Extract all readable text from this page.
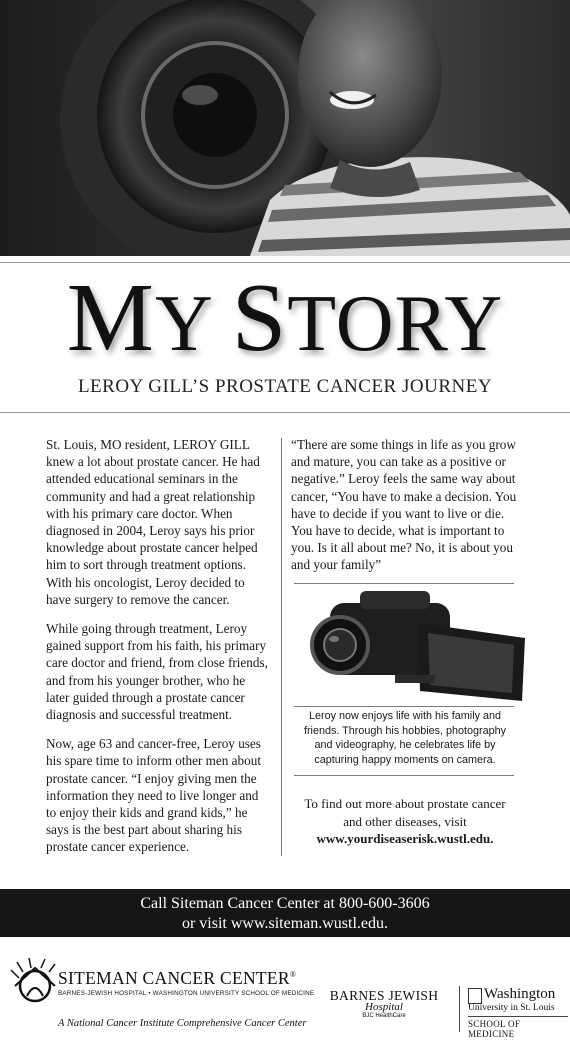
MY STORY
LEROY GILL’S PROSTATE CANCER JOURNEY

St. Louis, MO resident, LEROY GILL knew a lot about prostate cancer. He had attended educational seminars in the community and had a great relationship with his primary care doctor. When diagnosed in 2004, Leroy says his prior knowledge about prostate cancer helped him to sort through treatment options. With his oncologist, Leroy decided to have surgery to remove the cancer.

While going through treatment, Leroy gained support from his faith, his primary care doctor and friend, from close friends, and from his younger brother, who he later guided through a prostate cancer diagnosis and successful treatment.

Now, age 63 and cancer-free, Leroy uses his spare time to inform other men about prostate cancer. “I enjoy giving men the information they need to live longer and to enjoy their kids and grand kids,” he says is the best part about sharing his prostate cancer experience.

“There are some things in life as you grow and mature, you can take as a positive or negative.” Leroy feels the same way about cancer, “You have to make a decision. You have to decide if you want to live or die. You have to decide, what is important to you. Is it all about me? No, it is about you and your family”

Leroy now enjoys life with his family and friends. Through his hobbies, photography and videography, he celebrates life by capturing happy moments on camera.
To find out more about prostate cancer and other diseases, visit
www.yourdiseaserisk.wustl.edu.
Call Siteman Cancer Center at 800-600-3606
or visit www.siteman.wustl.edu.
SITEMAN CANCER CENTER®
BARNES-JEWISH HOSPITAL • WASHINGTON UNIVERSITY SCHOOL OF MEDICINE
A National Cancer Institute Comprehensive Cancer Center
BARNES JEWISH
Hospital
BJC HealthCare
Washington
University in St. Louis
SCHOOL OF MEDICINE
